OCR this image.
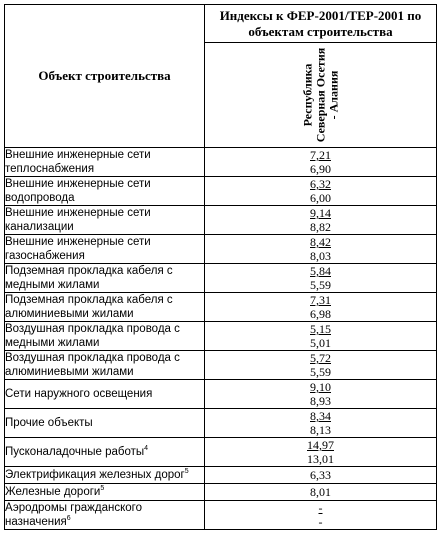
Объект строительства	Индексы к ФЕР-2001/ТЕР-2001 по объектам строительства

	Республика Северная Осетия - Алания

Внешние инженерные сети теплоснабжения	7,21
6,90

Внешние инженерные сети водопровода	6,32
6,00

Внешние инженерные сети канализации	9,14
8,82

Внешние инженерные сети газоснабжения	8,42
8,03

Подземная прокладка кабеля с медными жилами	5,84
5,59

Подземная прокладка кабеля с алюминиевыми жилами	7,31
6,98

Воздушная прокладка провода с медными жилами	5,15
5,01

Воздушная прокладка провода с алюминиевыми жилами	5,72
5,59

Сети наружного освещения	9,10
8,93

Прочие объекты	8,34
8,13

Пусконаладочные работы$^4$	14,97
13,01

Электрификация железных дорог$^5$	6,33

Железные дороги$^5$	8,01

Аэродромы гражданского назначения$^6$	-
-
